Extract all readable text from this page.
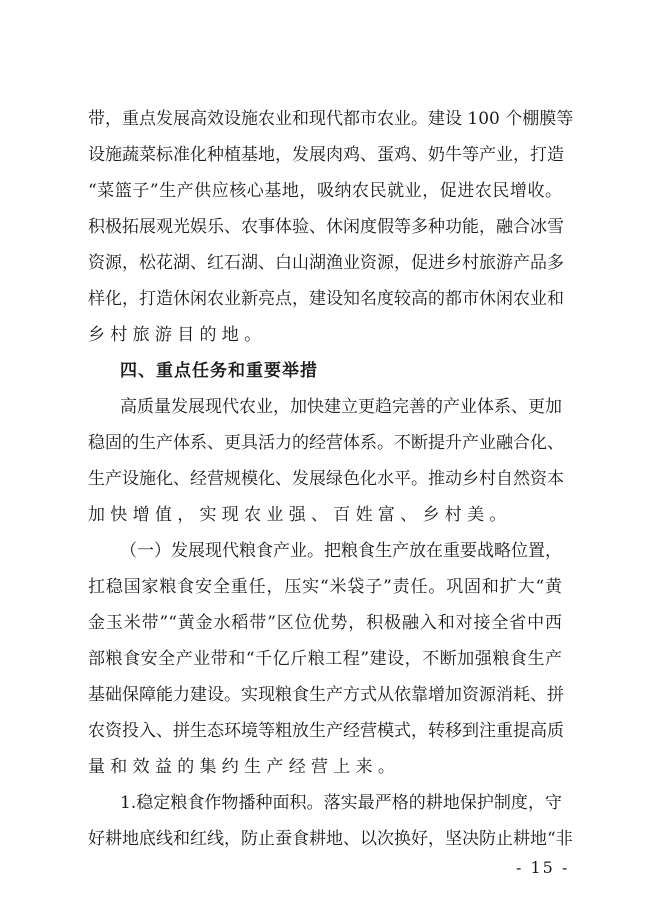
带，重点发展高效设施农业和现代都市农业。建设 100 个棚膜等
设施蔬菜标准化种植基地，发展肉鸡、蛋鸡、奶牛等产业，打造
“菜篮子”生产供应核心基地，吸纳农民就业，促进农民增收。
积极拓展观光娱乐、农事体验、休闲度假等多种功能，融合冰雪
资源，松花湖、红石湖、白山湖渔业资源，促进乡村旅游产品多
样化，打造休闲农业新亮点，建设知名度较高的都市休闲农业和
乡村旅游目的地。
四、重点任务和重要举措
高质量发展现代农业，加快建立更趋完善的产业体系、更加
稳固的生产体系、更具活力的经营体系。不断提升产业融合化、
生产设施化、经营规模化、发展绿色化水平。推动乡村自然资本
加快增值，实现农业强、百姓富、乡村美。
（一）发展现代粮食产业。把粮食生产放在重要战略位置，
扛稳国家粮食安全重任，压实“米袋子”责任。巩固和扩大“黄
金玉米带”“黄金水稻带”区位优势，积极融入和对接全省中西
部粮食安全产业带和“千亿斤粮工程”建设，不断加强粮食生产
基础保障能力建设。实现粮食生产方式从依靠增加资源消耗、拼
农资投入、拼生态环境等粗放生产经营模式，转移到注重提高质
量和效益的集约生产经营上来。
1.稳定粮食作物播种面积。落实最严格的耕地保护制度，守
好耕地底线和红线，防止蚕食耕地、以次换好，坚决防止耕地“非
- 15 -
